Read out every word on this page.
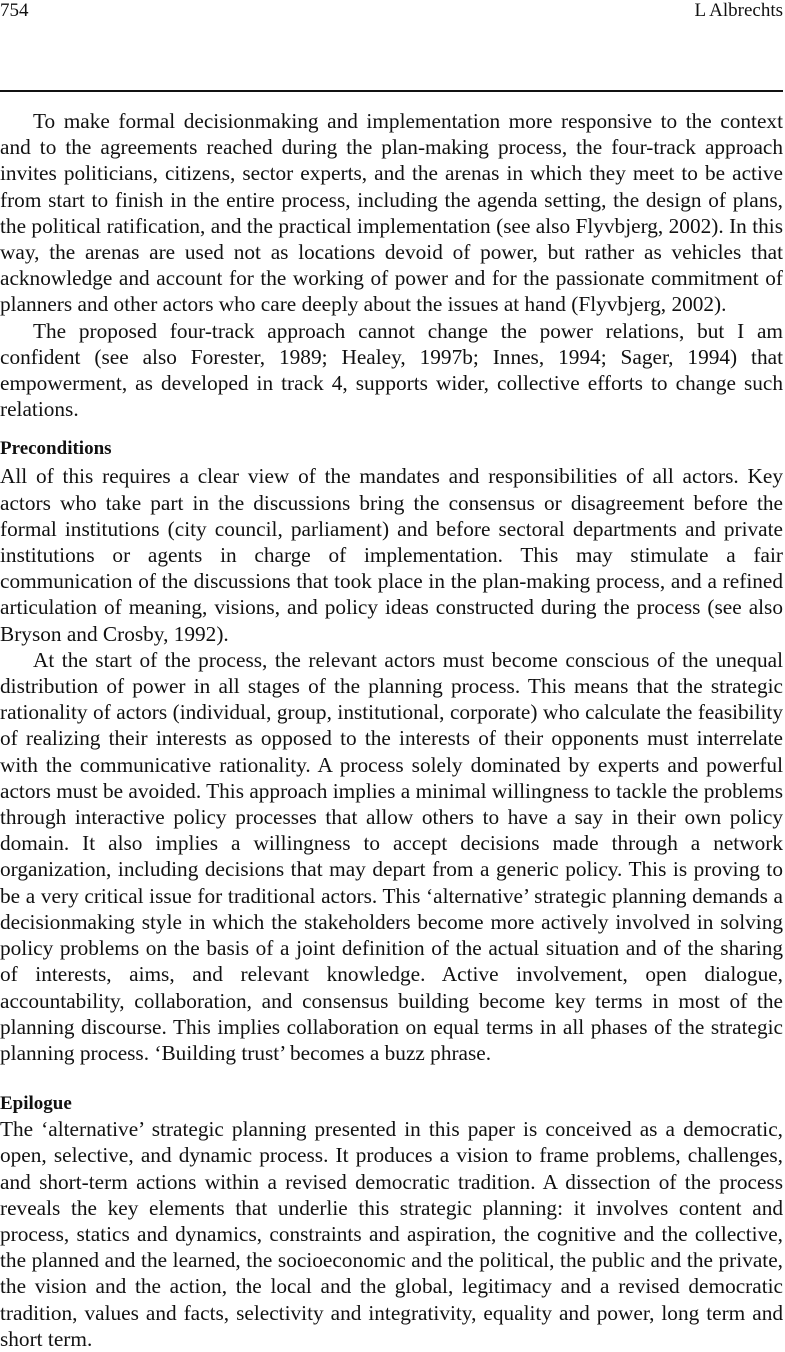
754	L Albrechts

To make formal decisionmaking and implementation more responsive to the context and to the agreements reached during the plan-making process, the four-track approach invites politicians, citizens, sector experts, and the arenas in which they meet to be active from start to finish in the entire process, including the agenda setting, the design of plans, the political ratification, and the practical implementation (see also Flyvbjerg, 2002). In this way, the arenas are used not as locations devoid of power, but rather as vehicles that acknowledge and account for the working of power and for the passionate commitment of planners and other actors who care deeply about the issues at hand (Flyvbjerg, 2002).

The proposed four-track approach cannot change the power relations, but I am confident (see also Forester, 1989; Healey, 1997b; Innes, 1994; Sager, 1994) that empowerment, as developed in track 4, supports wider, collective efforts to change such relations.

Preconditions

All of this requires a clear view of the mandates and responsibilities of all actors. Key actors who take part in the discussions bring the consensus or disagreement before the formal institutions (city council, parliament) and before sectoral departments and private institutions or agents in charge of implementation. This may stimulate a fair communication of the discussions that took place in the plan-making process, and a refined articulation of meaning, visions, and policy ideas constructed during the process (see also Bryson and Crosby, 1992).

At the start of the process, the relevant actors must become conscious of the unequal distribution of power in all stages of the planning process. This means that the strategic rationality of actors (individual, group, institutional, corporate) who calculate the feasibility of realizing their interests as opposed to the interests of their opponents must interrelate with the communicative rationality. A process solely dominated by experts and powerful actors must be avoided. This approach implies a minimal willingness to tackle the problems through interactive policy processes that allow others to have a say in their own policy domain. It also implies a willingness to accept decisions made through a network organization, including decisions that may depart from a generic policy. This is proving to be a very critical issue for traditional actors. This ‘alternative’ strategic planning demands a decisionmaking style in which the stakeholders become more actively involved in solving policy problems on the basis of a joint definition of the actual situation and of the sharing of interests, aims, and relevant knowledge. Active involvement, open dialogue, accountability, collaboration, and consensus building become key terms in most of the planning discourse. This implies collaboration on equal terms in all phases of the strategic planning process. ‘Building trust’ becomes a buzz phrase.

Epilogue

The ‘alternative’ strategic planning presented in this paper is conceived as a democratic, open, selective, and dynamic process. It produces a vision to frame problems, challenges, and short-term actions within a revised democratic tradition. A dissection of the process reveals the key elements that underlie this strategic planning: it involves content and process, statics and dynamics, constraints and aspiration, the cognitive and the collective, the planned and the learned, the socioeconomic and the political, the public and the private, the vision and the action, the local and the global, legitimacy and a revised democratic tradition, values and facts, selectivity and integrativity, equality and power, long term and short term.
